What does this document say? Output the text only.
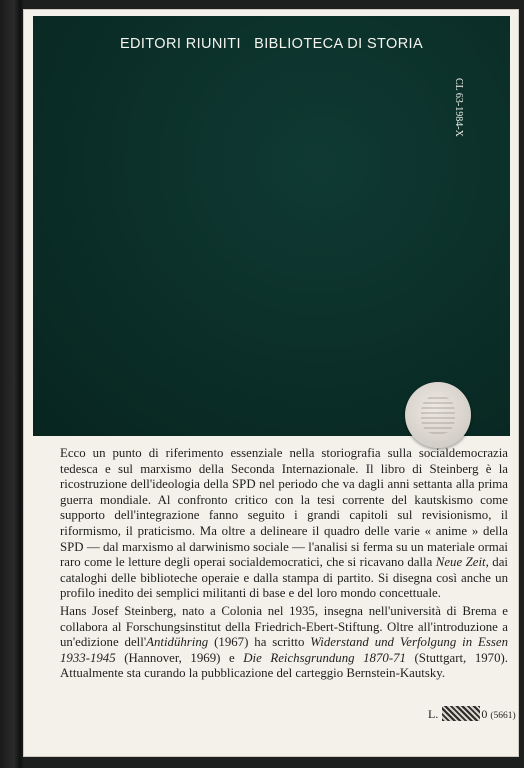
EDITORI RIUNITI BIBLIOTECA DI STORIA
CL 63-1984-X

Ecco un punto di riferimento essenziale nella storiografia sulla socialdemocrazia tedesca e sul marxismo della Seconda Internazionale. Il libro di Steinberg è la ricostruzione dell'ideologia della SPD nel periodo che va dagli anni settanta alla prima guerra mondiale. Al confronto critico con la tesi corrente del kautskismo come supporto dell'integrazione fanno seguito i grandi capitoli sul revisionismo, il riformismo, il praticismo. Ma oltre a delineare il quadro delle varie « anime » della SPD — dal marxismo al darwinismo sociale — l'analisi si ferma su un materiale ormai raro come le letture degli operai socialdemocratici, che si ricavano dalla Neue Zeit, dai cataloghi delle biblioteche operaie e dalla stampa di partito. Si disegna così anche un profilo inedito dei semplici militanti di base e del loro mondo concettuale.

Hans Josef Steinberg, nato a Colonia nel 1935, insegna nell'università di Brema e collabora al Forschungsinstitut della Friedrich-Ebert-Stiftung. Oltre all'introduzione a un'edizione dell'Antidühring (1967) ha scritto Widerstand und Verfolgung in Essen 1933-1945 (Hannover, 1969) e Die Reichsgrundung 1870-71 (Stuttgart, 1970). Attualmente sta curando la pubblicazione del carteggio Bernstein-Kautsky.

L.	0 (5661)
